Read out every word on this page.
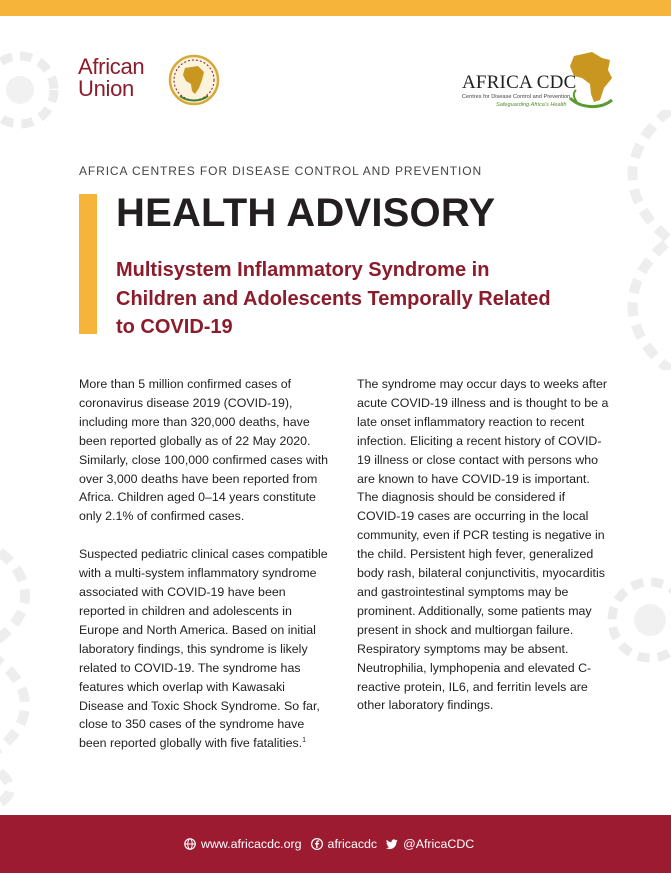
African
Union	AFRICA CDC
Centres for Disease Control and Prevention
Safeguarding Africa's Health
AFRICA CENTRES FOR DISEASE CONTROL AND PREVENTION
HEALTH ADVISORY
Multisystem Inflammatory Syndrome in
Children and Adolescents Temporally Related
to COVID-19

More than 5 million confirmed cases of coronavirus disease 2019 (COVID-19), including more than 320,000 deaths, have been reported globally as of 22 May 2020. Similarly, close 100,000 confirmed cases with over 3,000 deaths have been reported from Africa. Children aged 0–14 years constitute only 2.1% of confirmed cases.

Suspected pediatric clinical cases compatible with a multi-system inflammatory syndrome associated with COVID-19 have been reported in children and adolescents in Europe and North America. Based on initial laboratory findings, this syndrome is likely related to COVID-19. The syndrome has features which overlap with Kawasaki Disease and Toxic Shock Syndrome. So far, close to 350 cases of the syndrome have been reported globally with five fatalities.$^1$

The syndrome may occur days to weeks after acute COVID-19 illness and is thought to be a late onset inflammatory reaction to recent infection. Eliciting a recent history of COVID-19 illness or close contact with persons who are known to have COVID-19 is important. The diagnosis should be considered if COVID-19 cases are occurring in the local community, even if PCR testing is negative in the child. Persistent high fever, generalized body rash, bilateral conjunctivitis, myocarditis and gastrointestinal symptoms may be prominent. Additionally, some patients may present in shock and multiorgan failure. Respiratory symptoms may be absent. Neutrophilia, lymphopenia and elevated C-reactive protein, IL6, and ferritin levels are other laboratory findings.

www.africacdc.org africacdc @AfricaCDC
